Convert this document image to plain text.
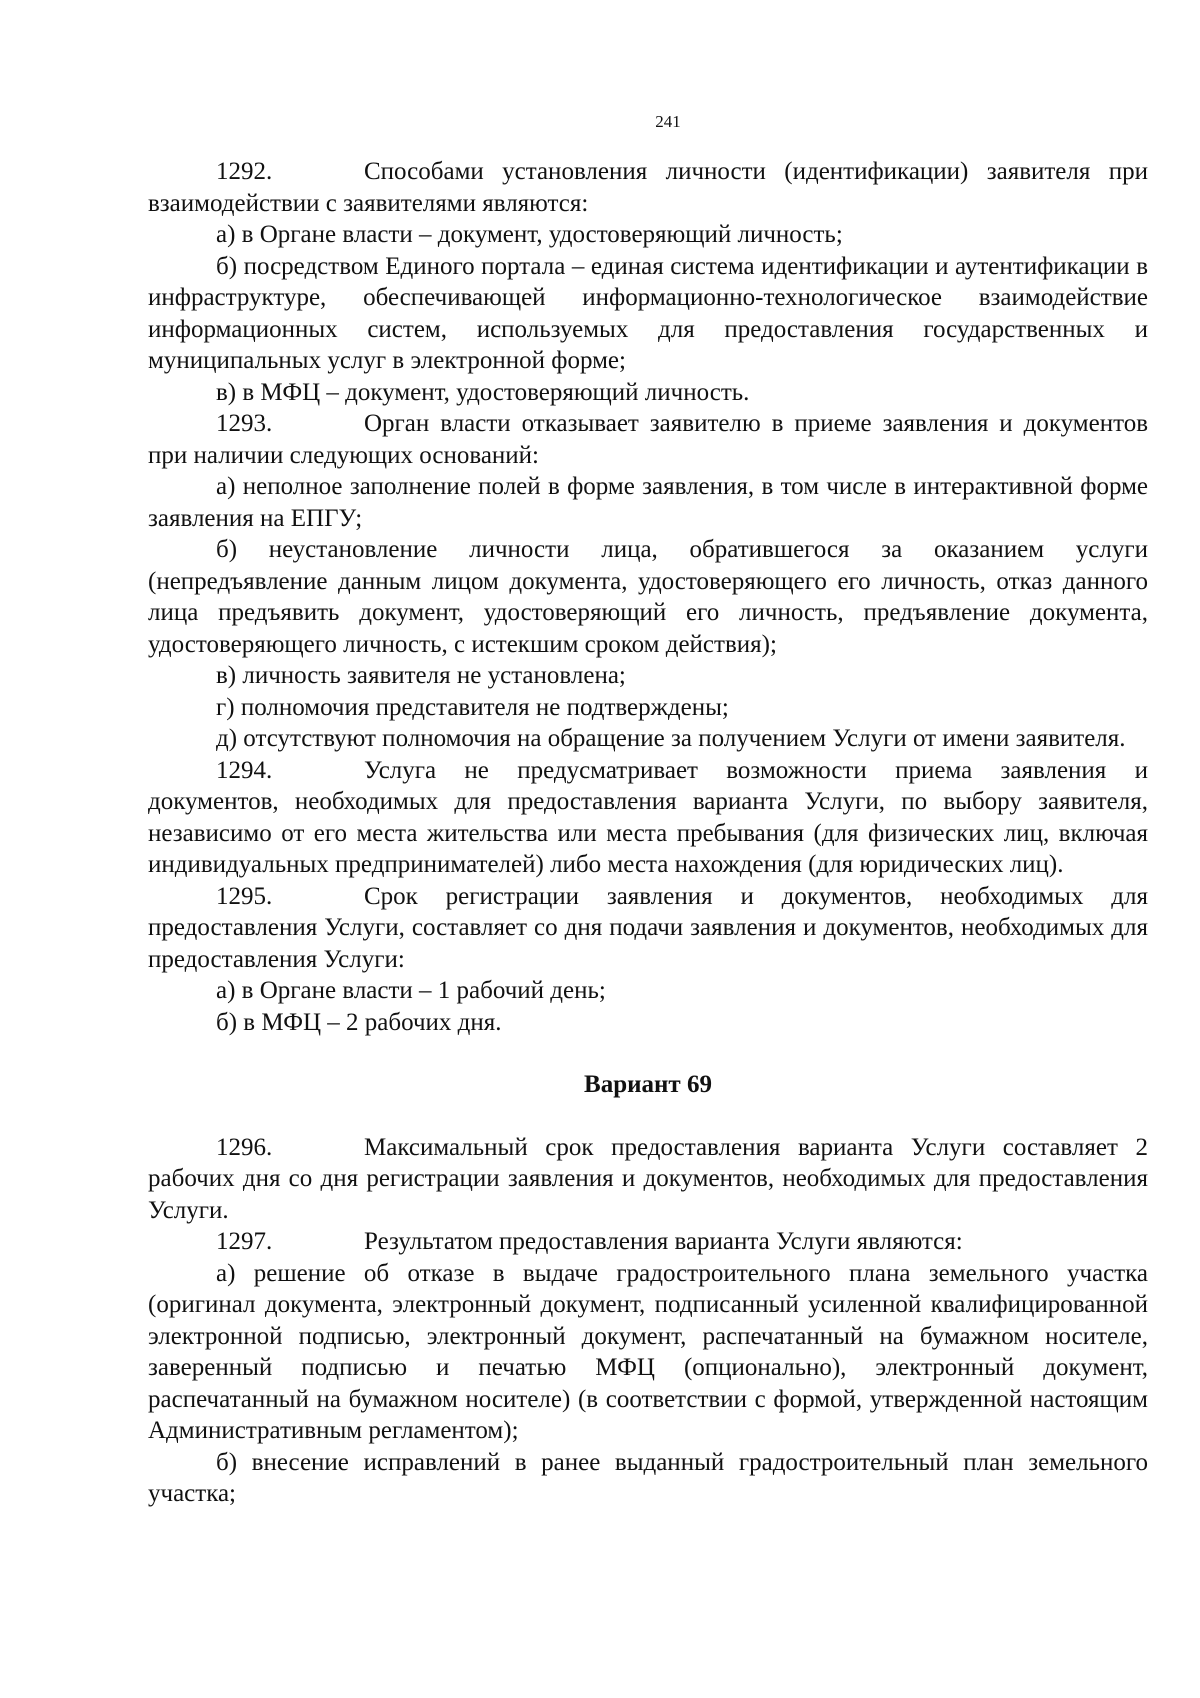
241

1292.	Способами установления личности (идентификации) заявителя при взаимодействии с заявителями являются:

а) в Органе власти – документ, удостоверяющий личность;

б) посредством Единого портала – единая система идентификации и аутентификации в инфраструктуре, обеспечивающей информационно-технологическое взаимодействие информационных систем, используемых для предоставления государственных и муниципальных услуг в электронной форме;

в) в МФЦ – документ, удостоверяющий личность.

1293.	Орган власти отказывает заявителю в приеме заявления и документов при наличии следующих оснований:

а) неполное заполнение полей в форме заявления, в том числе в интерактивной форме заявления на ЕПГУ;

б) неустановление личности лица, обратившегося за оказанием услуги (непредъявление данным лицом документа, удостоверяющего его личность, отказ данного лица предъявить документ, удостоверяющий его личность, предъявление документа, удостоверяющего личность, с истекшим сроком действия);

в) личность заявителя не установлена;

г) полномочия представителя не подтверждены;

д) отсутствуют полномочия на обращение за получением Услуги от имени заявителя.

1294.	Услуга не предусматривает возможности приема заявления и документов, необходимых для предоставления варианта Услуги, по выбору заявителя, независимо от его места жительства или места пребывания (для физических лиц, включая индивидуальных предпринимателей) либо места нахождения (для юридических лиц).

1295.	Срок регистрации заявления и документов, необходимых для предоставления Услуги, составляет со дня подачи заявления и документов, необходимых для предоставления Услуги:

а) в Органе власти – 1 рабочий день;

б) в МФЦ – 2 рабочих дня.

Вариант 69

1296.	Максимальный срок предоставления варианта Услуги составляет 2 рабочих дня со дня регистрации заявления и документов, необходимых для предоставления Услуги.

1297.	Результатом предоставления варианта Услуги являются:

а) решение об отказе в выдаче градостроительного плана земельного участка (оригинал документа, электронный документ, подписанный усиленной квалифицированной электронной подписью, электронный документ, распечатанный на бумажном носителе, заверенный подписью и печатью МФЦ (опционально), электронный документ, распечатанный на бумажном носителе) (в соответствии с формой, утвержденной настоящим Административным регламентом);

б) внесение исправлений в ранее выданный градостроительный план земельного участка;
